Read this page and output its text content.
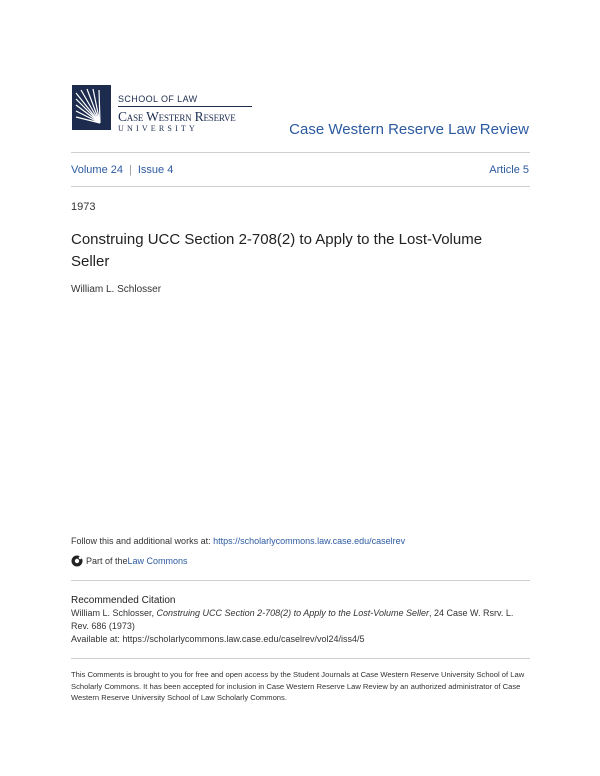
SCHOOL OF LAW
Case Western Reserve
UNIVERSITY	Case Western Reserve Law Review
Volume 24 | Issue 4	Article 5
1973
Construing UCC Section 2-708(2) to Apply to the Lost-Volume Seller
William L. Schlosser
Follow this and additional works at: https://scholarlycommons.law.case.edu/caselrev
Part of the Law Commons
Recommended Citation
William L. Schlosser, Construing UCC Section 2-708(2) to Apply to the Lost-Volume Seller, 24 Case W. Rsrv. L. Rev. 686 (1973)
Available at: https://scholarlycommons.law.case.edu/caselrev/vol24/iss4/5
This Comments is brought to you for free and open access by the Student Journals at Case Western Reserve University School of Law Scholarly Commons. It has been accepted for inclusion in Case Western Reserve Law Review by an authorized administrator of Case Western Reserve University School of Law Scholarly Commons.
